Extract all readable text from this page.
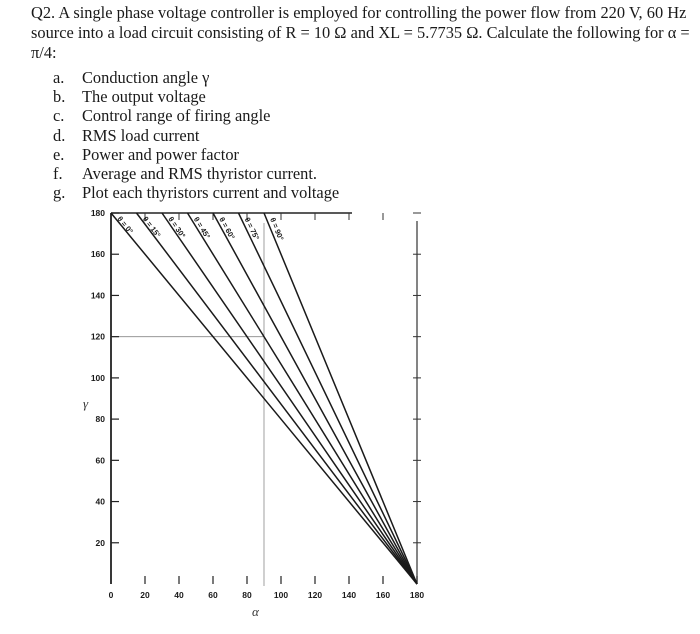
Q2. A single phase voltage controller is employed for controlling the power flow from 220 V, 60 Hz source into a load circuit consisting of R = 10 Ω and XL = 5.7735 Ω. Calculate the following for α = π/4:

a.	Conduction angle γ
b.	The output voltage
c.	Control range of firing angle
d.	RMS load current
e.	Power and power factor
f.	Average and RMS thyristor current.
g.	Plot each thyristors current and voltage
20
40
60
80
100
120
140
160
180
0	20	40	60	80	100 120 140 160 180
θ = 0° θ = 15° θ = 30° θ = 45° θ = 60° θ = 75° θ = 90°
γ
α
